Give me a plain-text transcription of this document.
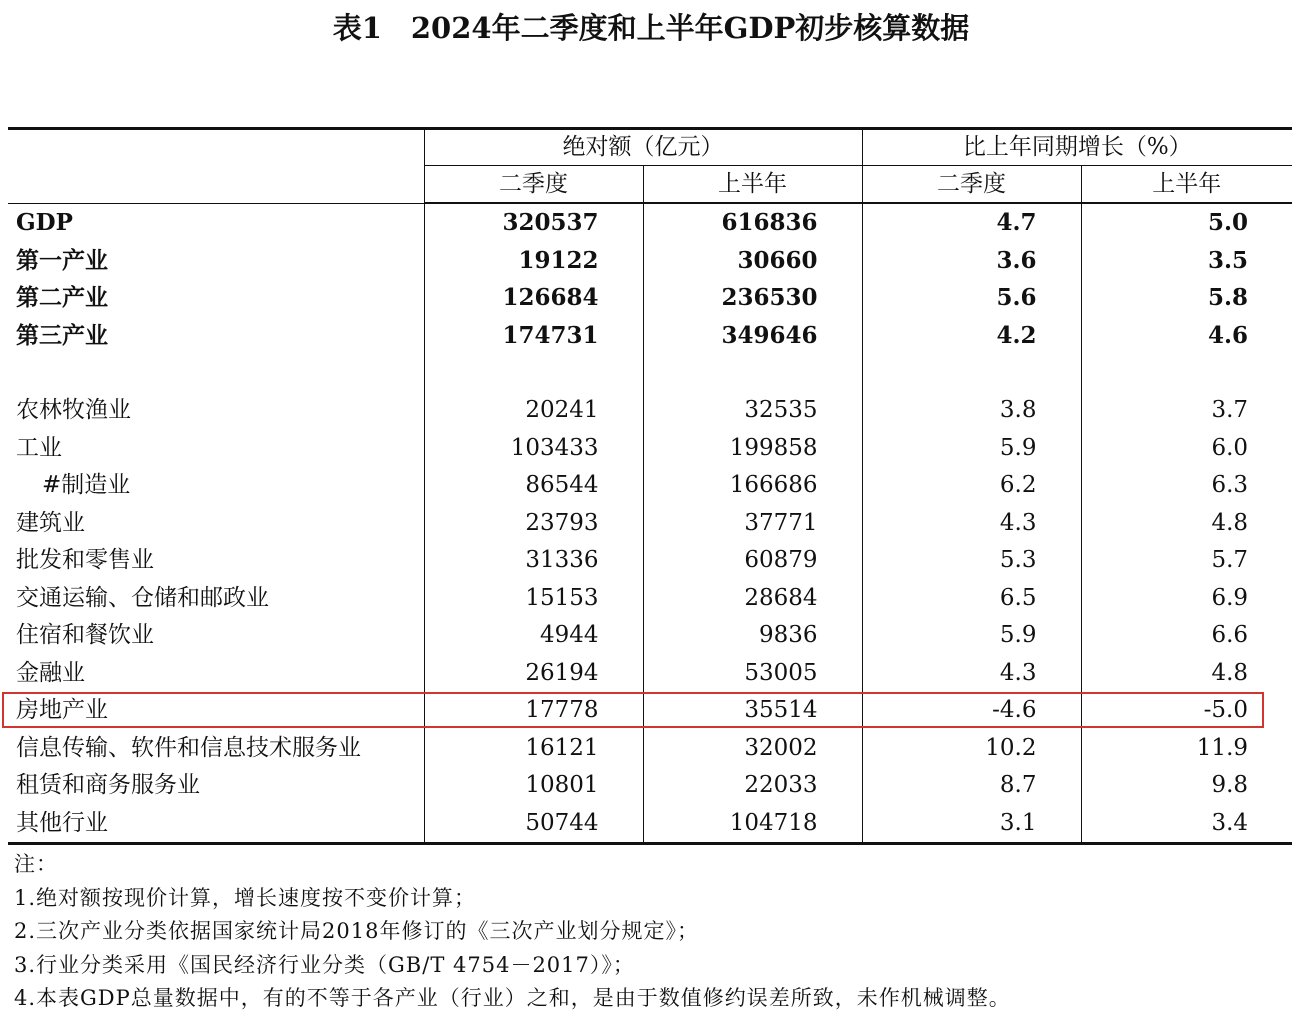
表1　2024年二季度和上半年GDP初步核算数据
	绝对额（亿元）		比上年同期增长（%）	
	二季度	上半年	二季度	上半年
GDP	320537	616836	4.7	5.0
第一产业	19122	30660	3.6	3.5
第二产业	126684	236530	5.6	5.8
第三产业	174731	349646	4.2	4.6

农林牧渔业	20241	32535	3.8	3.7
工业	103433	199858	5.9	6.0
#制造业	86544	166686	6.2	6.3
建筑业	23793	37771	4.3	4.8
批发和零售业	31336	60879	5.3	5.7
交通运输、仓储和邮政业	15153	28684	6.5	6.9
住宿和餐饮业	4944	9836	5.9	6.6
金融业	26194	53005	4.3	4.8
房地产业	17778	35514	-4.6	-5.0
信息传输、软件和信息技术服务业	16121	32002	10.2	11.9
租赁和商务服务业	10801	22033	8.7	9.8
其他行业	50744	104718	3.1	3.4
注：
1.绝对额按现价计算，增长速度按不变价计算；
2.三次产业分类依据国家统计局2018年修订的《三次产业划分规定》；
3.行业分类采用《国民经济行业分类（GB/T 4754－2017）》；
4.本表GDP总量数据中，有的不等于各产业（行业）之和，是由于数值修约误差所致，未作机械调整。
